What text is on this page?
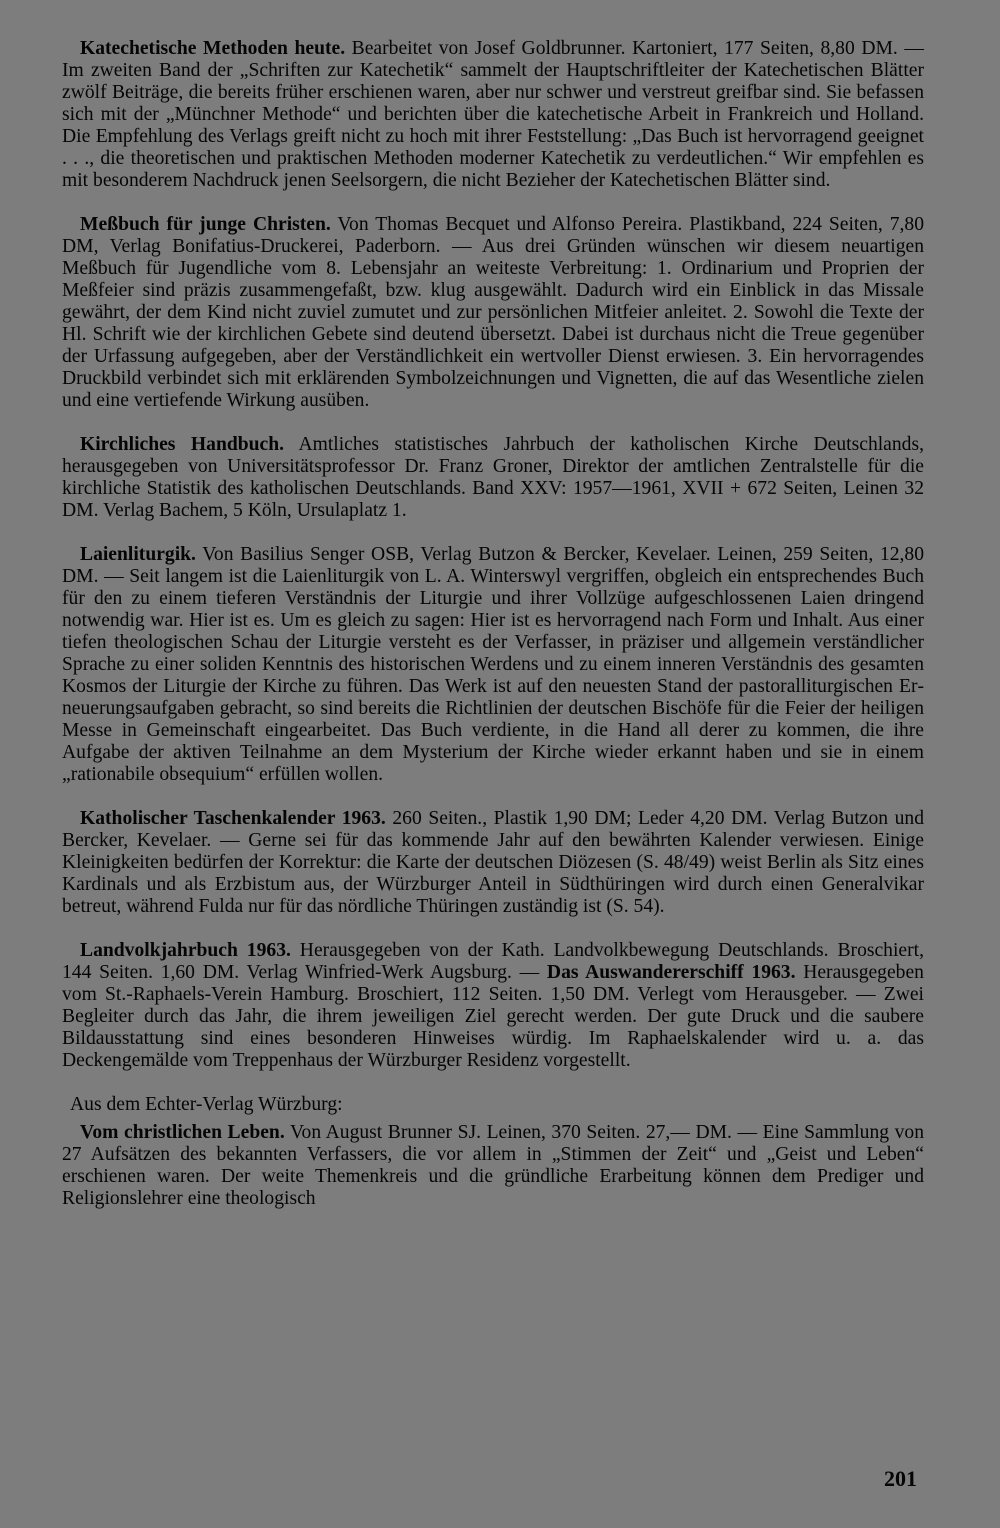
Katechetische Methoden heute. Bearbeitet von Josef Goldbrunner. Kartoniert, 177 Seiten, 8,80 DM. — Im zweiten Band der „Schriften zur Katechetik“ sammelt der Hauptschriftleiter der Katechetischen Blätter zwölf Beiträge, die bereits früher erschienen waren, aber nur schwer und verstreut greifbar sind. Sie befassen sich mit der „Münchner Methode“ und berichten über die katechetische Arbeit in Frankreich und Holland. Die Empfehlung des Verlags greift nicht zu hoch mit ihrer Feststellung: „Das Buch ist hervorragend geeignet . . ., die theoretischen und praktischen Methoden moderner Katechetik zu verdeutlichen.“ Wir empfehlen es mit besonderem Nachdruck jenen Seelsorgern, die nicht Bezieher der Katechetischen Blätter sind.

Meßbuch für junge Christen. Von Thomas Becquet und Alfonso Pereira. Plastikband, 224 Seiten, 7,80 DM, Verlag Bonifatius-Druckerei, Paderborn. — Aus drei Gründen wünschen wir diesem neuartigen Meßbuch für Jugendliche vom 8. Lebensjahr an weiteste Verbreitung: 1. Ordinarium und Proprien der Meßfeier sind präzis zusammengefaßt, bzw. klug ausgewählt. Dadurch wird ein Einblick in das Missale gewährt, der dem Kind nicht zuviel zumutet und zur persönlichen Mitfeier anleitet. 2. Sowohl die Texte der Hl. Schrift wie der kirchlichen Gebete sind deutend übersetzt. Dabei ist durchaus nicht die Treue gegenüber der Urfassung aufgegeben, aber der Verständlichkeit ein wertvoller Dienst erwiesen. 3. Ein hervorragendes Druckbild verbindet sich mit erklärenden Symbolzeichnungen und Vignetten, die auf das Wesentliche zielen und eine vertiefende Wirkung ausüben.

Kirchliches Handbuch. Amtliches statistisches Jahrbuch der katholischen Kirche Deutschlands, herausgegeben von Universitätsprofessor Dr. Franz Groner, Direktor der amtlichen Zentralstelle für die kirchliche Statistik des katholischen Deutschlands. Band XXV: 1957—1961, XVII + 672 Seiten, Leinen 32 DM. Verlag Bachem, 5 Köln, Ursulaplatz 1.

Laienliturgik. Von Basilius Senger OSB, Verlag Butzon & Bercker, Kevelaer. Leinen, 259 Seiten, 12,80 DM. — Seit langem ist die Laienliturgik von L. A. Winterswyl vergriffen, obgleich ein entsprechendes Buch für den zu einem tieferen Verständnis der Liturgie und ihrer Vollzüge aufgeschlossenen Laien dringend notwendig war. Hier ist es. Um es gleich zu sagen: Hier ist es hervorragend nach Form und Inhalt. Aus einer tiefen theologischen Schau der Liturgie versteht es der Verfasser, in präziser und allgemein verständlicher Sprache zu einer soliden Kenntnis des historischen Werdens und zu einem inneren Verständnis des gesamten Kosmos der Liturgie der Kirche zu führen. Das Werk ist auf den neuesten Stand der pastoralliturgischen Erneuerungsaufgaben gebracht, so sind bereits die Richtlinien der deutschen Bischöfe für die Feier der heiligen Messe in Gemeinschaft eingearbeitet. Das Buch verdiente, in die Hand all derer zu kommen, die ihre Aufgabe der aktiven Teilnahme an dem Mysterium der Kirche wieder erkannt haben und sie in einem „rationabile obsequium“ erfüllen wollen.

Katholischer Taschenkalender 1963. 260 Seiten., Plastik 1,90 DM; Leder 4,20 DM. Verlag Butzon und Bercker, Kevelaer. — Gerne sei für das kommende Jahr auf den bewährten Kalender verwiesen. Einige Kleinigkeiten bedürfen der Korrektur: die Karte der deutschen Diözesen (S. 48/49) weist Berlin als Sitz eines Kardinals und als Erzbistum aus, der Würzburger Anteil in Südthüringen wird durch einen Generalvikar betreut, während Fulda nur für das nördliche Thüringen zuständig ist (S. 54).

Landvolkjahrbuch 1963. Herausgegeben von der Kath. Landvolkbewegung Deutschlands. Broschiert, 144 Seiten. 1,60 DM. Verlag Winfried-Werk Augsburg. — Das Auswandererschiff 1963. Herausgegeben vom St.-Raphaels-Verein Hamburg. Broschiert, 112 Seiten. 1,50 DM. Verlegt vom Herausgeber. — Zwei Begleiter durch das Jahr, die ihrem jeweiligen Ziel gerecht werden. Der gute Druck und die saubere Bildausstattung sind eines besonderen Hinweises würdig. Im Raphaelskalender wird u. a. das Deckengemälde vom Treppenhaus der Würzburger Residenz vorgestellt.

Aus dem Echter-Verlag Würzburg:

Vom christlichen Leben. Von August Brunner SJ. Leinen, 370 Seiten. 27,— DM. — Eine Sammlung von 27 Aufsätzen des bekannten Verfassers, die vor allem in „Stimmen der Zeit“ und „Geist und Leben“ erschienen waren. Der weite Themenkreis und die gründliche Erarbeitung können dem Prediger und Religionslehrer eine theologisch

201
